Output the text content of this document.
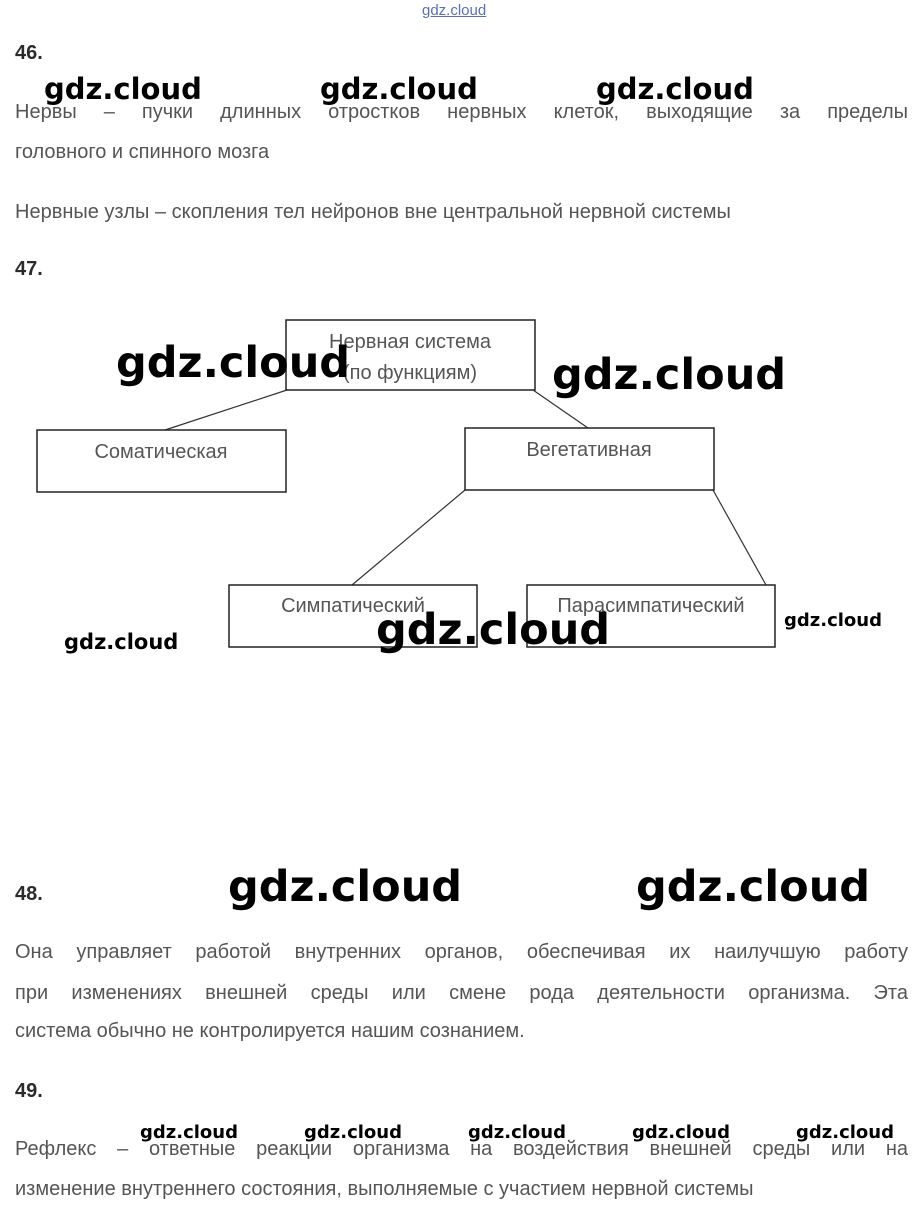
gdz.cloud
46.
Нервы – пучки длинных отростков нервных клеток, выходящие за пределы
головного и спинного мозга
Нервные узлы – скопления тел нейронов вне центральной нервной системы
47.
Нервная система
(по функциям)
Соматическая	Вегетативная
Симпатический	Парасимпатический
48.
Она управляет работой внутренних органов, обеспечивая их наилучшую работу
при изменениях внешней среды или смене рода деятельности организма. Эта
система обычно не контролируется нашим сознанием.
49.
Рефлекс – ответные реакции организма на воздействия внешней среды или на
изменение внутреннего состояния, выполняемые с участием нервной системы
gdz.cloud	gdz.cloud	gdz.cloud
gdz.cloud	gdz.cloud
gdz.cloud	gdz.cloud
gdz.cloud
gdz.cloud	gdz.cloud
gdz.cloud	gdz.cloud	gdz.cloud	gdz.cloud	gdz.cloud
